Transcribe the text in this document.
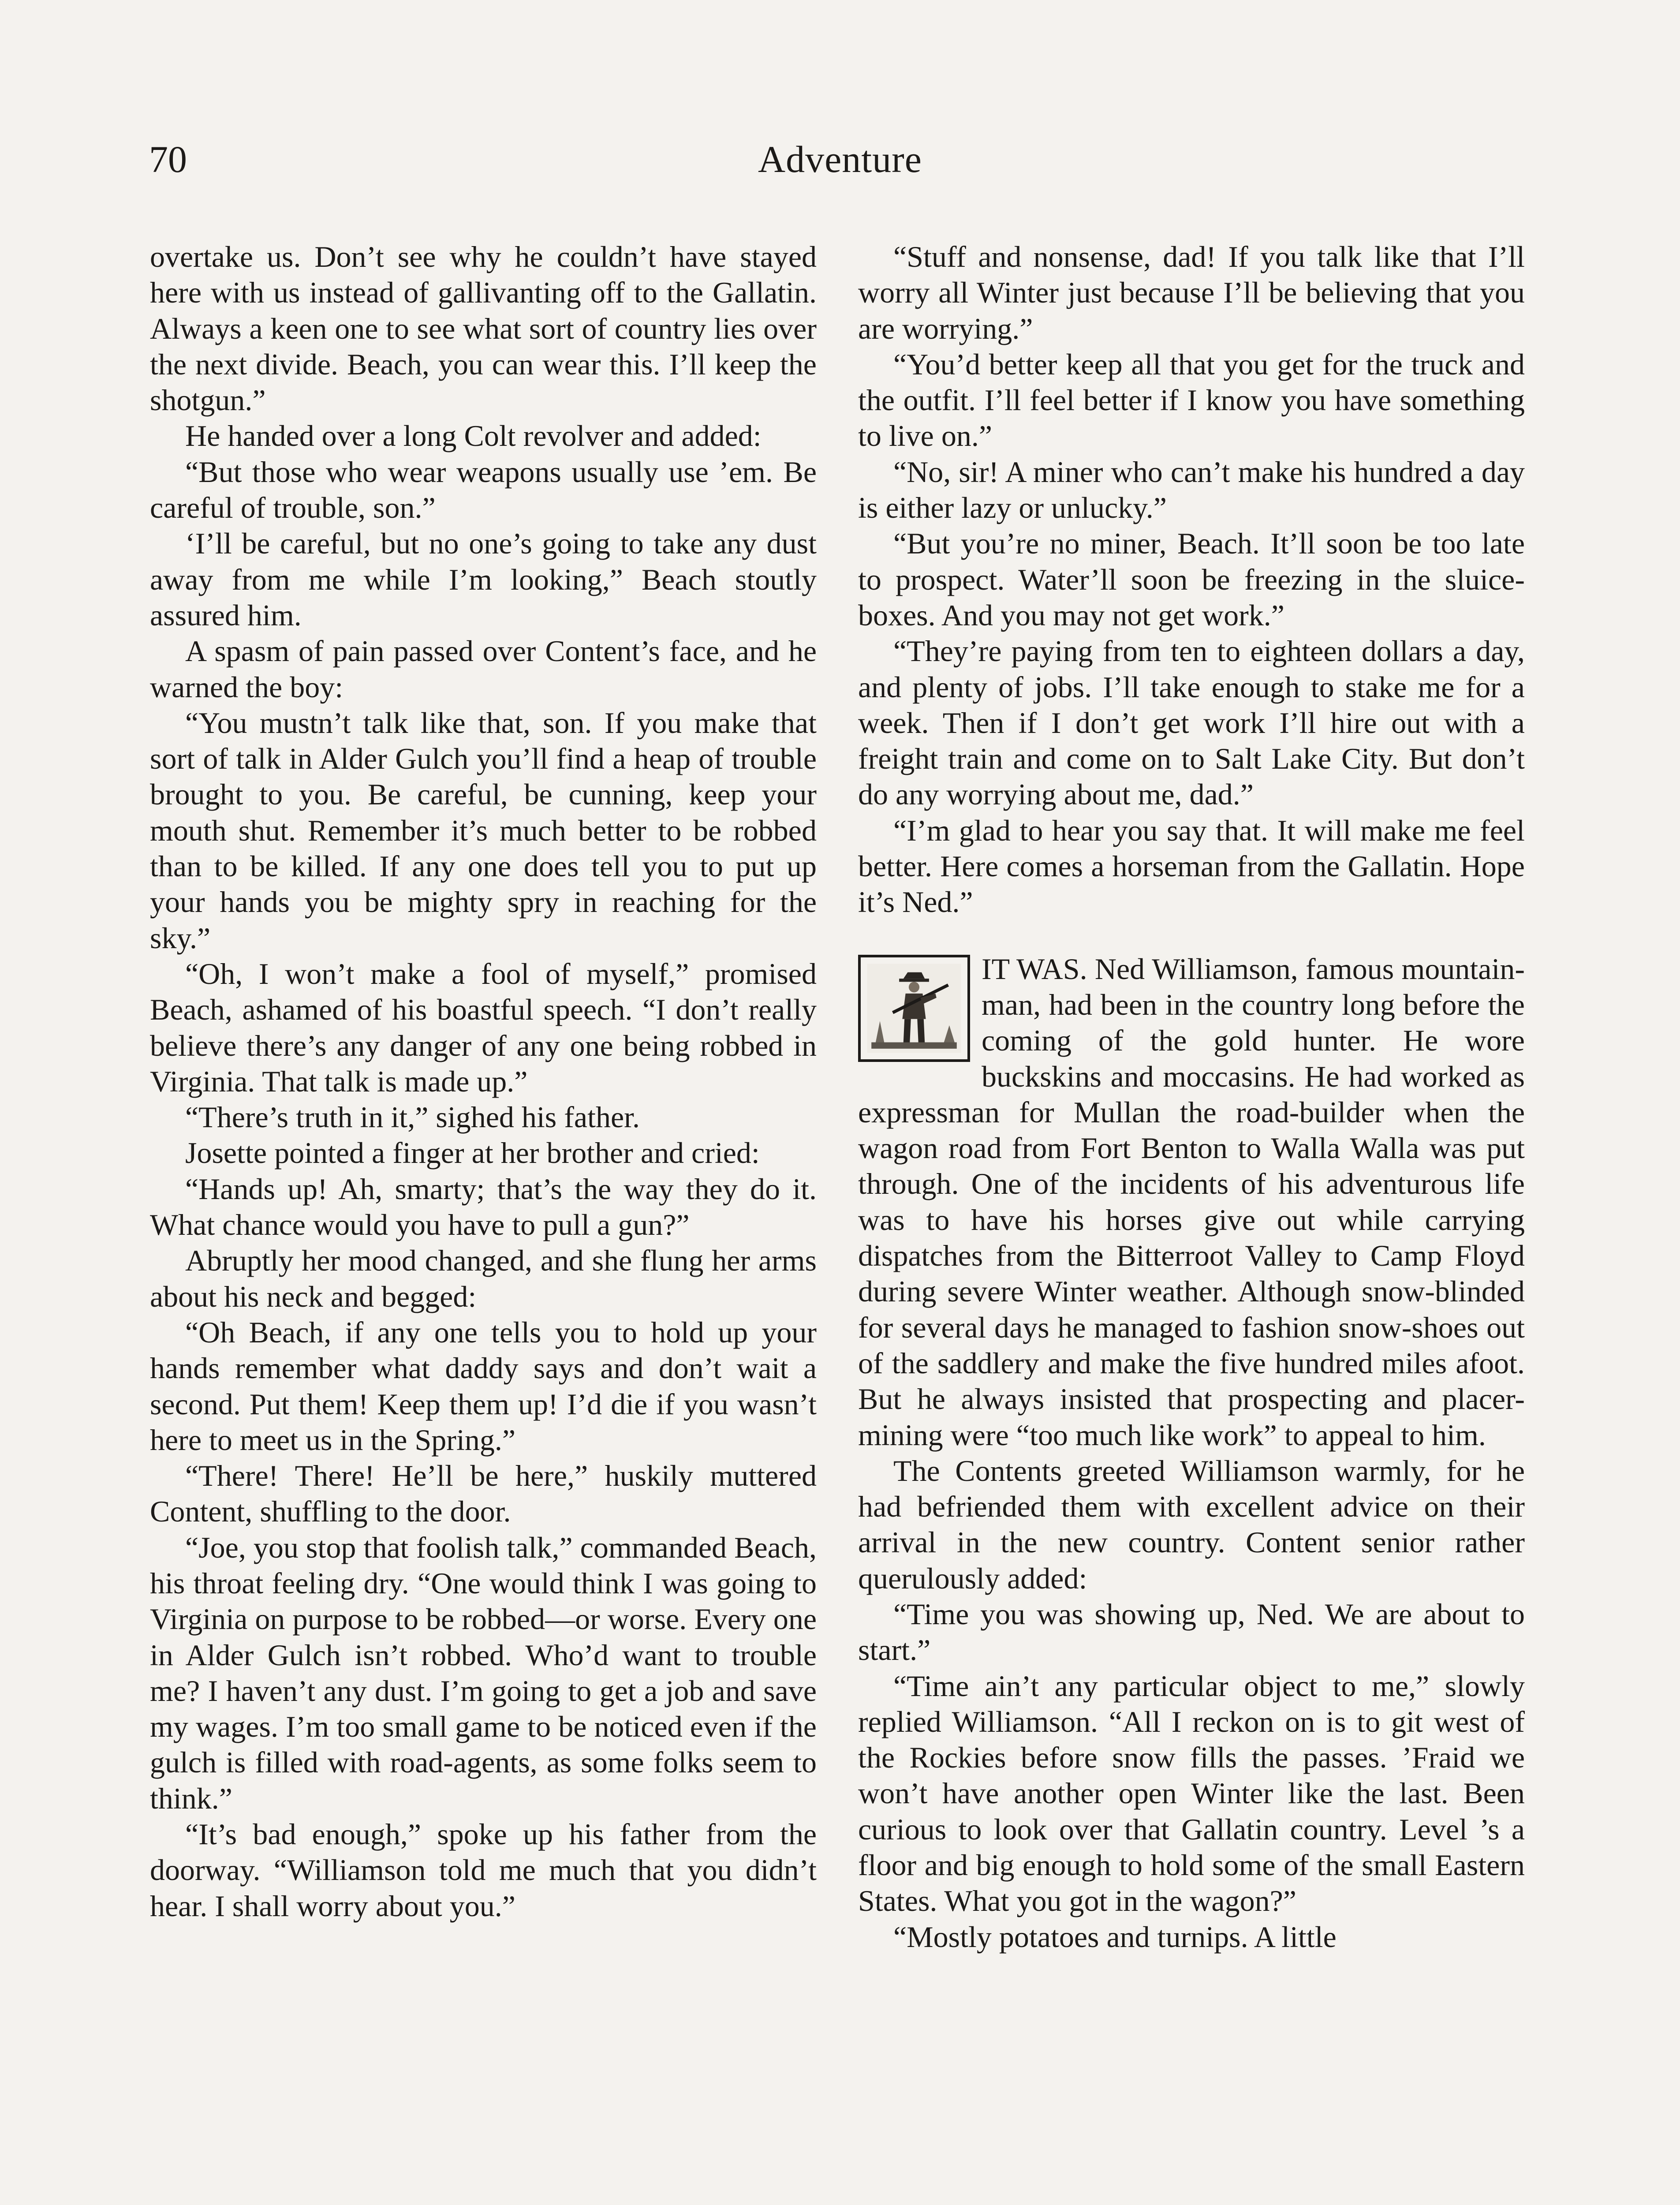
70	Adventure

overtake us. Don’t see why he couldn’t have stayed here with us instead of gallivanting off to the Gallatin. Always a keen one to see what sort of country lies over the next divide. Beach, you can wear this. I’ll keep the shotgun.”

He handed over a long Colt revolver and added:

“But those who wear weapons usually use ’em. Be careful of trouble, son.”

‘I’ll be careful, but no one’s going to take any dust away from me while I’m looking,” Beach stoutly assured him.

A spasm of pain passed over Content’s face, and he warned the boy:

“You mustn’t talk like that, son. If you make that sort of talk in Alder Gulch you’ll find a heap of trouble brought to you. Be careful, be cunning, keep your mouth shut. Remember it’s much better to be robbed than to be killed. If any one does tell you to put up your hands you be mighty spry in reaching for the sky.”

“Oh, I won’t make a fool of myself,” promised Beach, ashamed of his boastful speech. “I don’t really believe there’s any danger of any one being robbed in Virginia. That talk is made up.”

“There’s truth in it,” sighed his father.

Josette pointed a finger at her brother and cried:

“Hands up! Ah, smarty; that’s the way they do it. What chance would you have to pull a gun?”

Abruptly her mood changed, and she flung her arms about his neck and begged:

“Oh Beach, if any one tells you to hold up your hands remember what daddy says and don’t wait a second. Put them! Keep them up! I’d die if you wasn’t here to meet us in the Spring.”

“There! There! He’ll be here,” huskily muttered Content, shuffling to the door.

“Joe, you stop that foolish talk,” commanded Beach, his throat feeling dry. “One would think I was going to Virginia on purpose to be robbed—or worse. Every one in Alder Gulch isn’t robbed. Who’d want to trouble me? I haven’t any dust. I’m going to get a job and save my wages. I’m too small game to be noticed even if the gulch is filled with road-agents, as some folks seem to think.”

“It’s bad enough,” spoke up his father from the doorway. “Williamson told me much that you didn’t hear. I shall worry about you.”

“Stuff and nonsense, dad! If you talk like that I’ll worry all Winter just because I’ll be believing that you are worrying.”

“You’d better keep all that you get for the truck and the outfit. I’ll feel better if I know you have something to live on.”

“No, sir! A miner who can’t make his hundred a day is either lazy or unlucky.”

“But you’re no miner, Beach. It’ll soon be too late to prospect. Water’ll soon be freezing in the sluice-boxes. And you may not get work.”

“They’re paying from ten to eighteen dollars a day, and plenty of jobs. I’ll take enough to stake me for a week. Then if I don’t get work I’ll hire out with a freight train and come on to Salt Lake City. But don’t do any worrying about me, dad.”

“I’m glad to hear you say that. It will make me feel better. Here comes a horseman from the Gallatin. Hope it’s Ned.”

IT WAS. Ned Williamson, famous mountain-man, had been in the country long before the coming of the gold hunter. He wore buckskins and moccasins. He had worked as expressman for Mullan the road-builder when the wagon road from Fort Benton to Walla Walla was put through. One of the incidents of his adventurous life was to have his horses give out while carrying dispatches from the Bitterroot Valley to Camp Floyd during severe Winter weather. Although snow-blinded for several days he managed to fashion snow-shoes out of the saddlery and make the five hundred miles afoot. But he always insisted that prospecting and placer-mining were “too much like work” to appeal to him.

The Contents greeted Williamson warmly, for he had befriended them with excellent advice on their arrival in the new country. Content senior rather querulously added:

“Time you was showing up, Ned. We are about to start.”

“Time ain’t any particular object to me,” slowly replied Williamson. “All I reckon on is to git west of the Rockies before snow fills the passes. ’Fraid we won’t have another open Winter like the last. Been curious to look over that Gallatin country. Level ’s a floor and big enough to hold some of the small Eastern States. What you got in the wagon?”

“Mostly potatoes and turnips. A little
